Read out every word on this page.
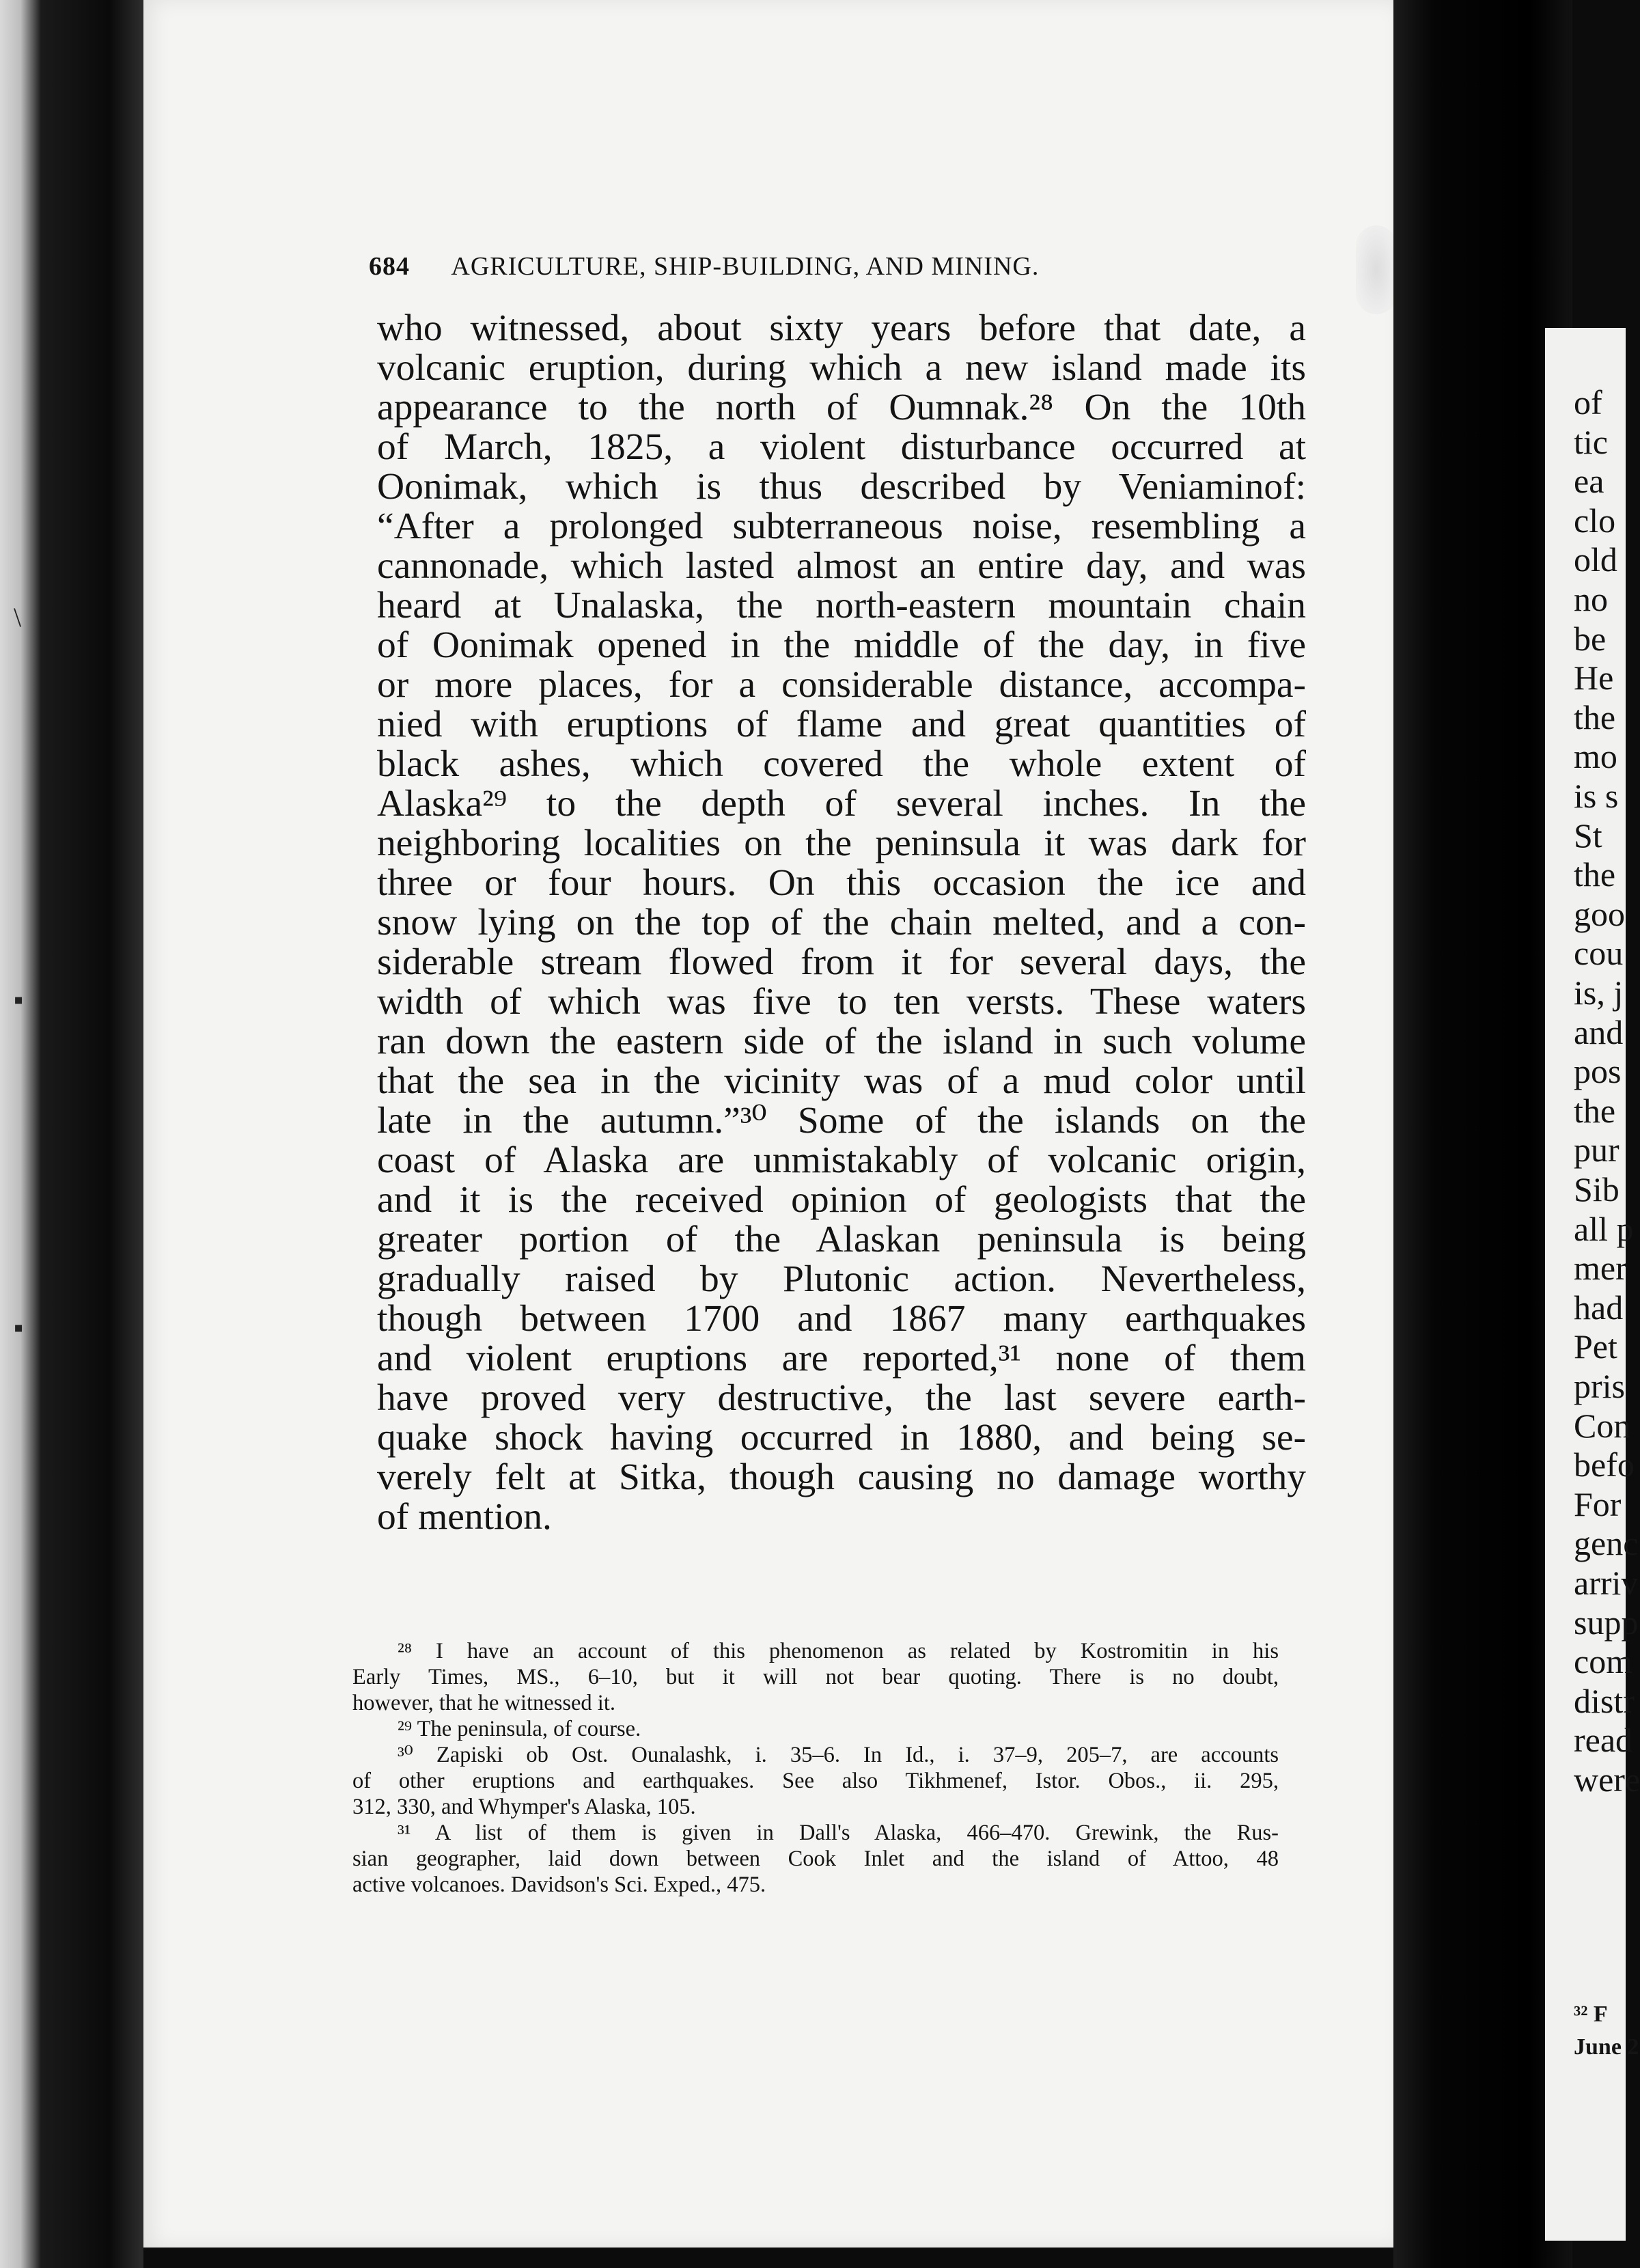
\
▪
▪
684 AGRICULTURE, SHIP-BUILDING, AND MINING.
who witnessed, about sixty years before that date, a
volcanic eruption, during which a new island made its
appearance to the north of Oumnak.²⁸ On the 10th
of March, 1825, a violent disturbance occurred at
Oonimak, which is thus described by Veniaminof:
“After a prolonged subterraneous noise, resembling a
cannonade, which lasted almost an entire day, and was
heard at Unalaska, the north-eastern mountain chain
of Oonimak opened in the middle of the day, in five
or more places, for a considerable distance, accompa-
nied with eruptions of flame and great quantities of
black ashes, which covered the whole extent of
Alaska²⁹ to the depth of several inches. In the
neighboring localities on the peninsula it was dark for
three or four hours. On this occasion the ice and
snow lying on the top of the chain melted, and a con-
siderable stream flowed from it for several days, the
width of which was five to ten versts. These waters
ran down the eastern side of the island in such volume
that the sea in the vicinity was of a mud color until
late in the autumn.”³⁰ Some of the islands on the
coast of Alaska are unmistakably of volcanic origin,
and it is the received opinion of geologists that the
greater portion of the Alaskan peninsula is being
gradually raised by Plutonic action. Nevertheless,
though between 1700 and 1867 many earthquakes
and violent eruptions are reported,³¹ none of them
have proved very destructive, the last severe earth-
quake shock having occurred in 1880, and being se-
verely felt at Sitka, though causing no damage worthy
of mention.
²⁸ I have an account of this phenomenon as related by Kostromitin in his
Early Times, MS., 6–10, but it will not bear quoting. There is no doubt,
however, that he witnessed it.
²⁹ The peninsula, of course.
³⁰ Zapiski ob Ost. Ounalashk, i. 35–6. In Id., i. 37–9, 205–7, are accounts
of other eruptions and earthquakes. See also Tikhmenef, Istor. Obos., ii. 295,
312, 330, and Whymper's Alaska, 105.
³¹ A list of them is given in Dall's Alaska, 466–470. Grewink, the Rus-
sian geographer, laid down between Cook Inlet and the island of Attoo, 48
active volcanoes. Davidson's Sci. Exped., 475.
of
tic
ea
clo
old
no
be
He
the
mo
is s
St
the
goo
cou
is, j
and
pos
the
pur
Sib
all p
mer
had
Pet
pris
Con
befo
For
genc
arriv
supp
com
distr
read
were
³² F
June 2
